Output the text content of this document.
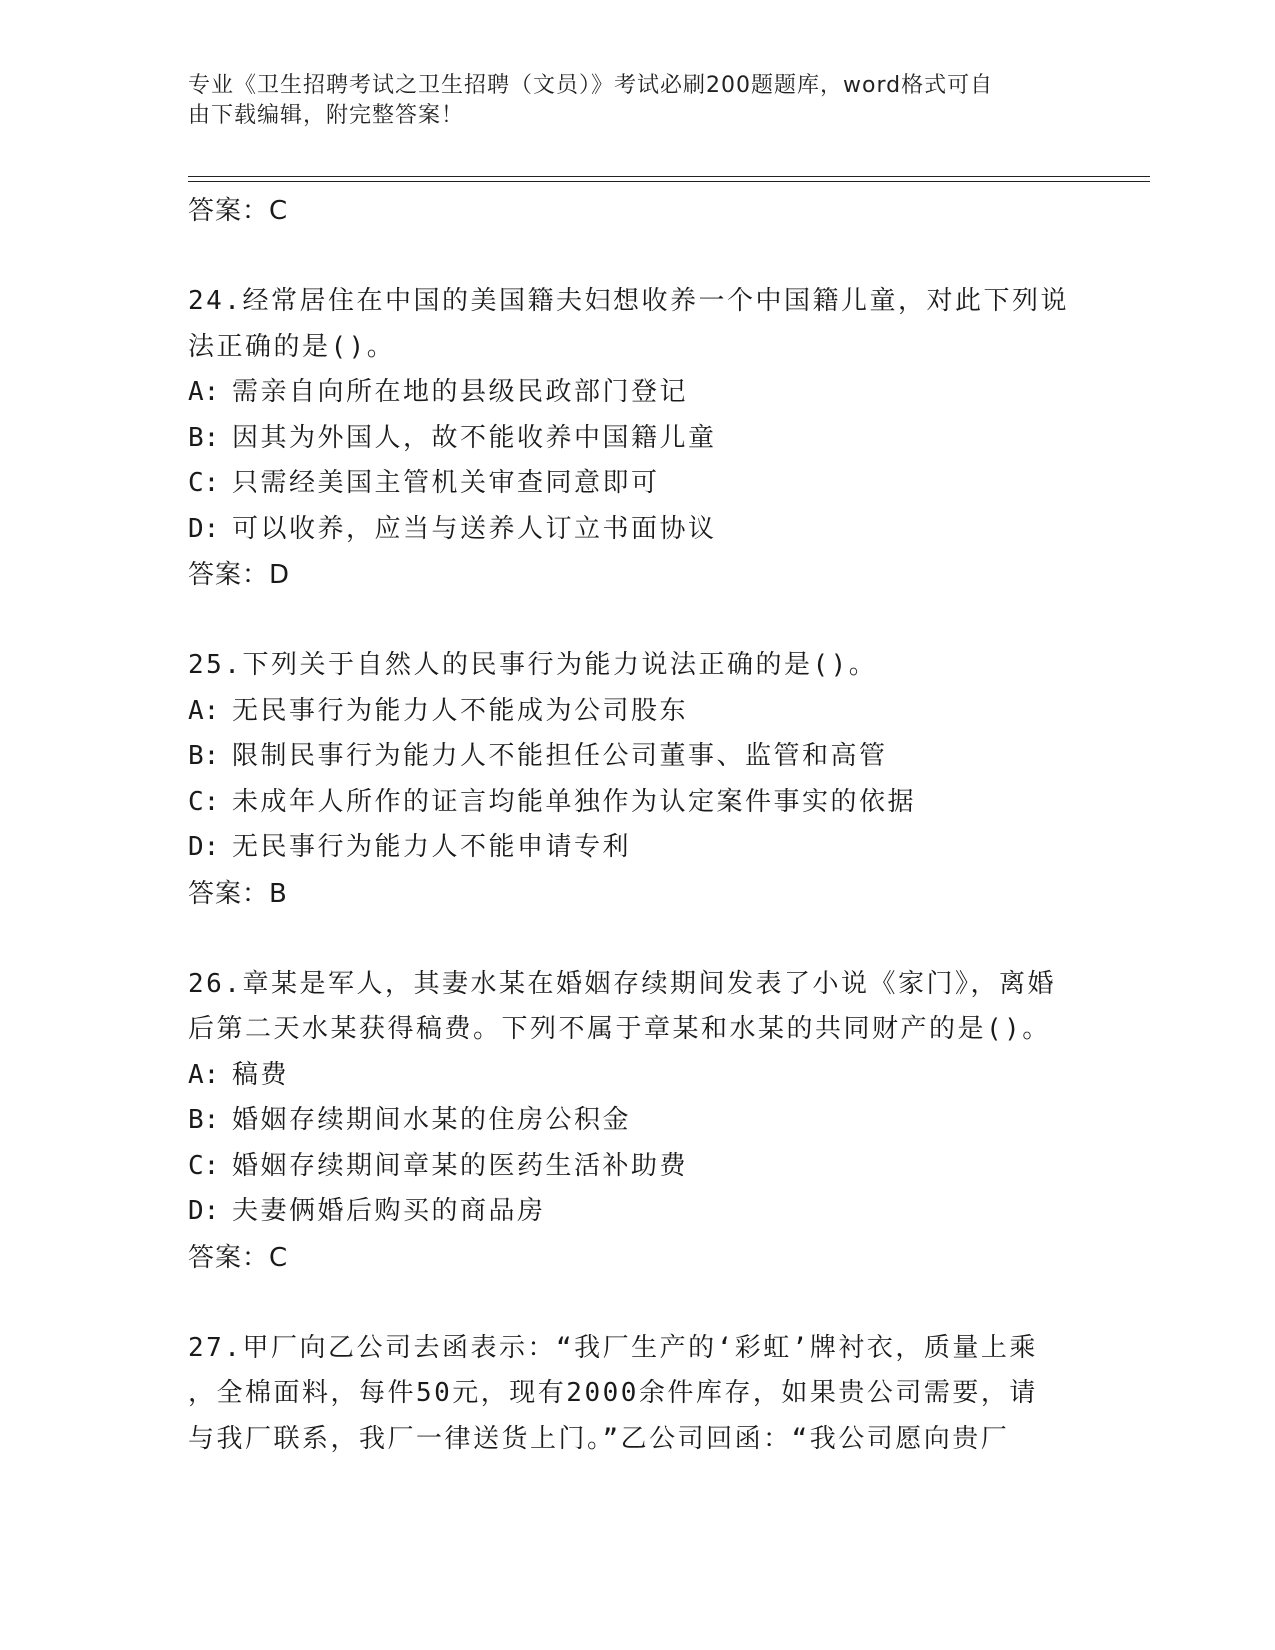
专业《卫生招聘考试之卫生招聘（文员）》考试必刷200题题库，word格式可自
由下载编辑，附完整答案！
答案：C
24.经常居住在中国的美国籍夫妇想收养一个中国籍儿童，对此下列说
法正确的是()。
A: 需亲自向所在地的县级民政部门登记
B: 因其为外国人，故不能收养中国籍儿童
C: 只需经美国主管机关审查同意即可
D: 可以收养，应当与送养人订立书面协议
答案：D
25.下列关于自然人的民事行为能力说法正确的是()。
A: 无民事行为能力人不能成为公司股东
B: 限制民事行为能力人不能担任公司董事、监管和高管
C: 未成年人所作的证言均能单独作为认定案件事实的依据
D: 无民事行为能力人不能申请专利
答案：B
26.章某是军人，其妻水某在婚姻存续期间发表了小说《家门》，离婚
后第二天水某获得稿费。下列不属于章某和水某的共同财产的是()。
A: 稿费
B: 婚姻存续期间水某的住房公积金
C: 婚姻存续期间章某的医药生活补助费
D: 夫妻俩婚后购买的商品房
答案：C
27.甲厂向乙公司去函表示：“我厂生产的‘彩虹’牌衬衣，质量上乘
，全棉面料，每件50元，现有2000余件库存，如果贵公司需要，请
与我厂联系，我厂一律送货上门。”乙公司回函：“我公司愿向贵厂
